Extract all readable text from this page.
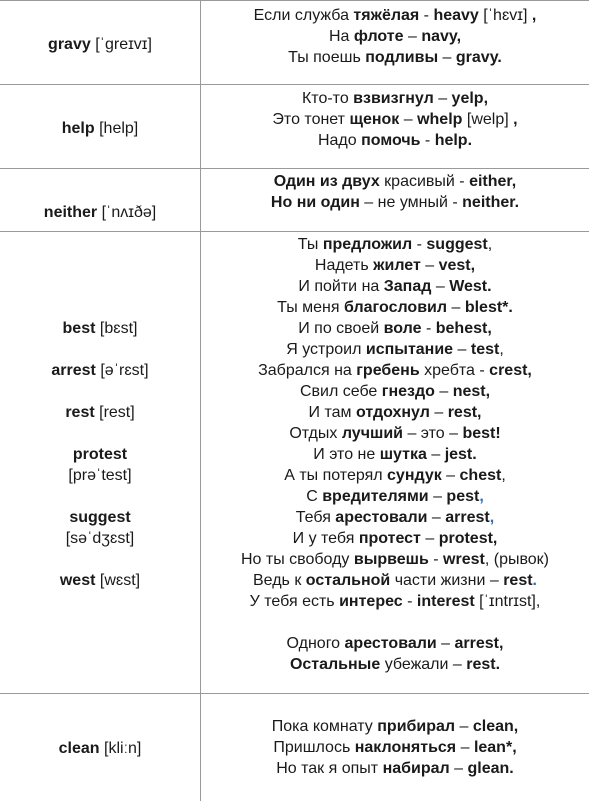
gravy [ˈɡreɪvɪ]
Если служба тяжёлая - heavy [ˈhɛvɪ] ,
На флоте – navy,
Ты поешь подливы – gravy.
help [help]
Кто-то взвизгнул – yelp,
Это тонет щенок – whelp [welp] ,
Надо помочь - help.
neither [ˈnʌɪðə]
Один из двух красивый - either,
Но ни один – не умный - neither.
best [bɛst]
arrest [əˈrɛst]
rest [rest]
protest
[prəˈtest]
suggest
[səˈdʒɛst]
west [wɛst]
Ты предложил - suggest,
Надеть жилет – vest,
И пойти на Запад – West.
Ты меня благословил – blest*.
И по своей воле - behest,
Я устроил испытание – test,
Забрался на гребень хребта - crest,
Свил себе гнездо – nest,
И там отдохнул – rest,
Отдых лучший – это – best!
И это не шутка – jest.
А ты потерял сундук – chest,
С вредителями – pest,
Тебя арестовали – arrest,
И у тебя протест – protest,
Но ты свободу вырвешь - wrest, (рывок)
Ведь к остальной части жизни – rest.
У тебя есть интерес - interest [ˈɪntrɪst],
Одного арестовали – arrest,
Остальные убежали – rest.
clean [kliːn]
Пока комнату прибирал – clean,
Пришлось наклоняться – lean*,
Но так я опыт набирал – glean.
